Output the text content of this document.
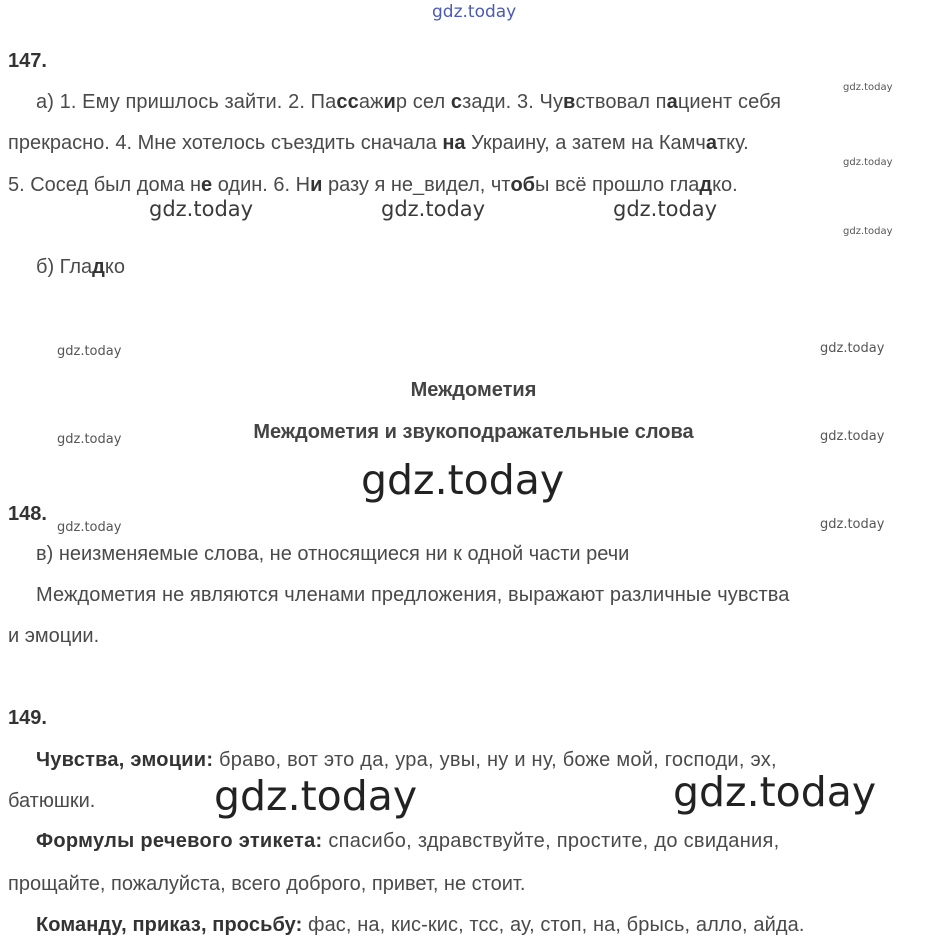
gdz.today
gdz.today
gdz.today
gdz.today	gdz.today	gdz.today
gdz.today
gdz.today	gdz.today
gdz.today	gdz.today
gdz.today
gdz.today	gdz.today
gdz.today	gdz.today
147.
а) 1. Ему пришлось зайти. 2. Пассажир сел сзади. 3. Чувствовал пациент себя
прекрасно. 4. Мне хотелось съездить сначала на Украину, а затем на Камчатку.
5. Сосед был дома не один. 6. Ни разу я не_видел, чтобы всё прошло гладко.
б) Гладко
Междометия
Междометия и звукоподражательные слова
148.
в) неизменяемые слова, не относящиеся ни к одной части речи
Междометия не являются членами предложения, выражают различные чувства
и эмоции.
149.
Чувства, эмоции: браво, вот это да, ура, увы, ну и ну, боже мой, господи, эх,
батюшки.
Формулы речевого этикета: спасибо, здравствуйте, простите, до свидания,
прощайте, пожалуйста, всего доброго, привет, не стоит.
Команду, приказ, просьбу: фас, на, кис-кис, тсс, ау, стоп, на, брысь, алло, айда.
